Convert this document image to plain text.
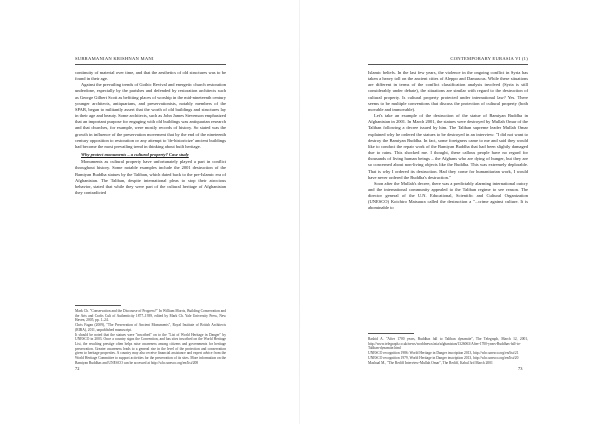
SUBRAMANIAN KRISHNAN MANI

continuity of material over time, and that the aesthetics of old structures was to be found in their age.

Against the prevailing trends of Gothic Revival and energetic church restoration underdone, especially by the parishes and defended by restoration architects such as George Gilbert Scott as befitting places of worship in the mid-nineteenth century younger architects, antiquarians, and preservationists, notably members of the SPAB, began to militantly assert that the worth of old buildings and structures lay in their age and beauty. Some architects, such as John James Stevenson emphasized that an important purpose for engaging with old buildings was antiquarian research and that churches, for example, were mostly records of history. So stated was the growth in influence of the preservation movement that by the end of the nineteenth century opposition to restoration or any attempt to 'de-historicize' ancient buildings had become the most prevailing trend in thinking about built heritage.

Why protect monuments – a cultural property? Case study

Monuments as cultural property have unfortunately played a part in conflict throughout history. Some notable examples include the 2001 destruction of the Bamiyan Buddha statues by the Taliban, which dated back to the pre-Islamic era of Afghanistan. The Taliban, despite international pleas to stop their atrocious behavior, stated that while they were part of the cultural heritage of Afghanistan they contradicted

Mark Ch. "Conservation and the Discourse of Progress?" In William Morris, Building Conservation and the Arts and Crafts Cult of Authenticity 1877–1939, edited by Mark Ch. Yale University Press, New Haven, 2005, pp. 1–24.

Chris Fagan (2009), "The Preservation of Ancient Monuments", Royal Institute of British Architects (RIBA), 2011, unpublished manuscript.

It should be noted that the statues were "inscribed" on to the "List of World Heritage in Danger" by UNESCO in 2003. Once a country signs the Convention, and has sites inscribed on the World Heritage List, the resulting prestige often helps raise awareness among citizens and governments for heritage preservation. Greater awareness leads to a general rise in the level of the protection and conservation given to heritage properties. A country may also receive financial assistance and expert advice from the World Heritage Committee to support activities for the preservation of its sites. More information on the Bamiyan Buddhas and UNESCO can be accessed at http://whc.unesco.org/en/list/208

72
CONTEMPORARY EURASIA VI (1)

Islamic beliefs. In the last few years, the violence in the ongoing conflict in Syria has taken a heavy toll on the ancient cities of Aleppo and Damascus. While these situations are different in terms of the conflict classification analysis involved (Syria is still considerably under debate), the situations are similar with regard to the destruction of cultural property. Is cultural property protected under international law? Yes. There seems to be multiple conventions that discuss the protection of cultural property (both movable and immovable).

Let's take an example of the destruction of the statue of Bamiyan Buddha in Afghanistan in 2001. In March 2001, the statues were destroyed by Mullah Omar of the Taliban following a decree issued by him. The Taliban supreme leader Mullah Omar explained why he ordered the statues to be destroyed in an interview: "I did not want to destroy the Bamiyan Buddha. In fact, some foreigners came to me and said they would like to conduct the repair work of the Bamiyan Buddha that had been slightly damaged due to rains. This shocked me. I thought, these callous people have no regard for thousands of living human beings – the Afghans who are dying of hunger, but they are so concerned about non-living objects like the Buddha. This was extremely deplorable. That is why I ordered its destruction. Had they come for humanitarian work, I would have never ordered the Buddha's destruction."

Soon after the Mullah's decree, there was a predictably alarming international outcry and the international community appealed to the Taliban regime to see reason. The director general of the U.N. Educational, Scientific and Cultural Organization (UNESCO) Koichiro Matsuura called the destruction a "...crime against culture. It is abominable to

Rashid A. "After 1700 years, Buddhas fall to Taliban dynamite", The Telegraph, March 12, 2001, http://www.telegraph.co.uk/news/worldnews/asia/afghanistan/1326063/After-1700-years-Buddhas-fall-to-Taliban-dynamite.html

UNESCO recognition 1986: World Heritage in Danger inscription 2013, http://whc.unesco.org/en/list/21

UNESCO recognition 1979, World Heritage in Danger inscription 2013, http://whc.unesco.org/en/list/20

Mashaal M., "The Rediff Interview-Mullah Omar", The Rediff, Kabul 3rd March 2001

73
